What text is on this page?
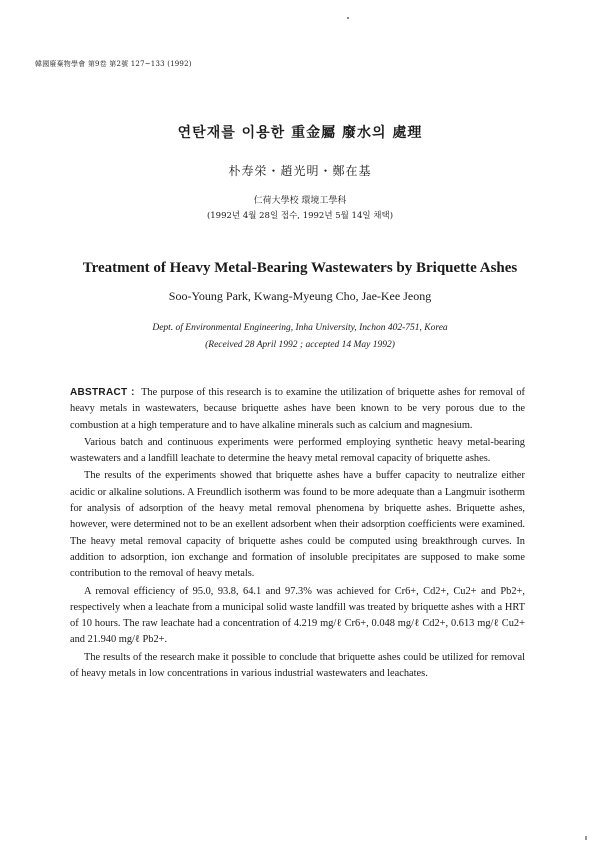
韓國廢棄物學會 第9卷 第2號 127~133 (1992)
연탄재를 이용한 重金屬 廢水의 處理
朴寿栄・趙光明・鄭在基
仁荷大學校 環境工學科
(1992년 4월 28일 접수, 1992년 5월 14일 채택)
Treatment of Heavy Metal-Bearing Wastewaters by Briquette Ashes
Soo-Young Park, Kwang-Myeung Cho, Jae-Kee Jeong
Dept. of Environmental Engineering, Inha University, Inchon 402-751, Korea
(Received 28 April 1992 ; accepted 14 May 1992)

ABSTRACT : The purpose of this research is to examine the utilization of briquette ashes for removal of heavy metals in wastewaters, because briquette ashes have been known to be very porous due to the combustion at a high temperature and to have alkaline minerals such as calcium and magnesium.

Various batch and continuous experiments were performed employing synthetic heavy metal-bearing wastewaters and a landfill leachate to determine the heavy metal removal capacity of briquette ashes.

The results of the experiments showed that briquette ashes have a buffer capacity to neutralize either acidic or alkaline solutions. A Freundlich isotherm was found to be more adequate than a Langmuir isotherm for analysis of adsorption of the heavy metal removal phenomena by briquette ashes. Briquette ashes, however, were determined not to be an exellent adsorbent when their adsorption coefficients were examined. The heavy metal removal capacity of briquette ashes could be computed using breakthrough curves. In addition to adsorption, ion exchange and formation of insoluble precipitates are supposed to make some contribution to the removal of heavy metals.

A removal efficiency of 95.0, 93.8, 64.1 and 97.3% was achieved for Cr6+, Cd2+, Cu2+ and Pb2+, respectively when a leachate from a municipal solid waste landfill was treated by briquette ashes with a HRT of 10 hours. The raw leachate had a concentration of 4.219 mg/ℓ Cr6+, 0.048 mg/ℓ Cd2+, 0.613 mg/ℓ Cu2+ and 21.940 mg/ℓ Pb2+.

The results of the research make it possible to conclude that briquette ashes could be utilized for removal of heavy metals in low concentrations in various industrial wastewaters and leachates.
